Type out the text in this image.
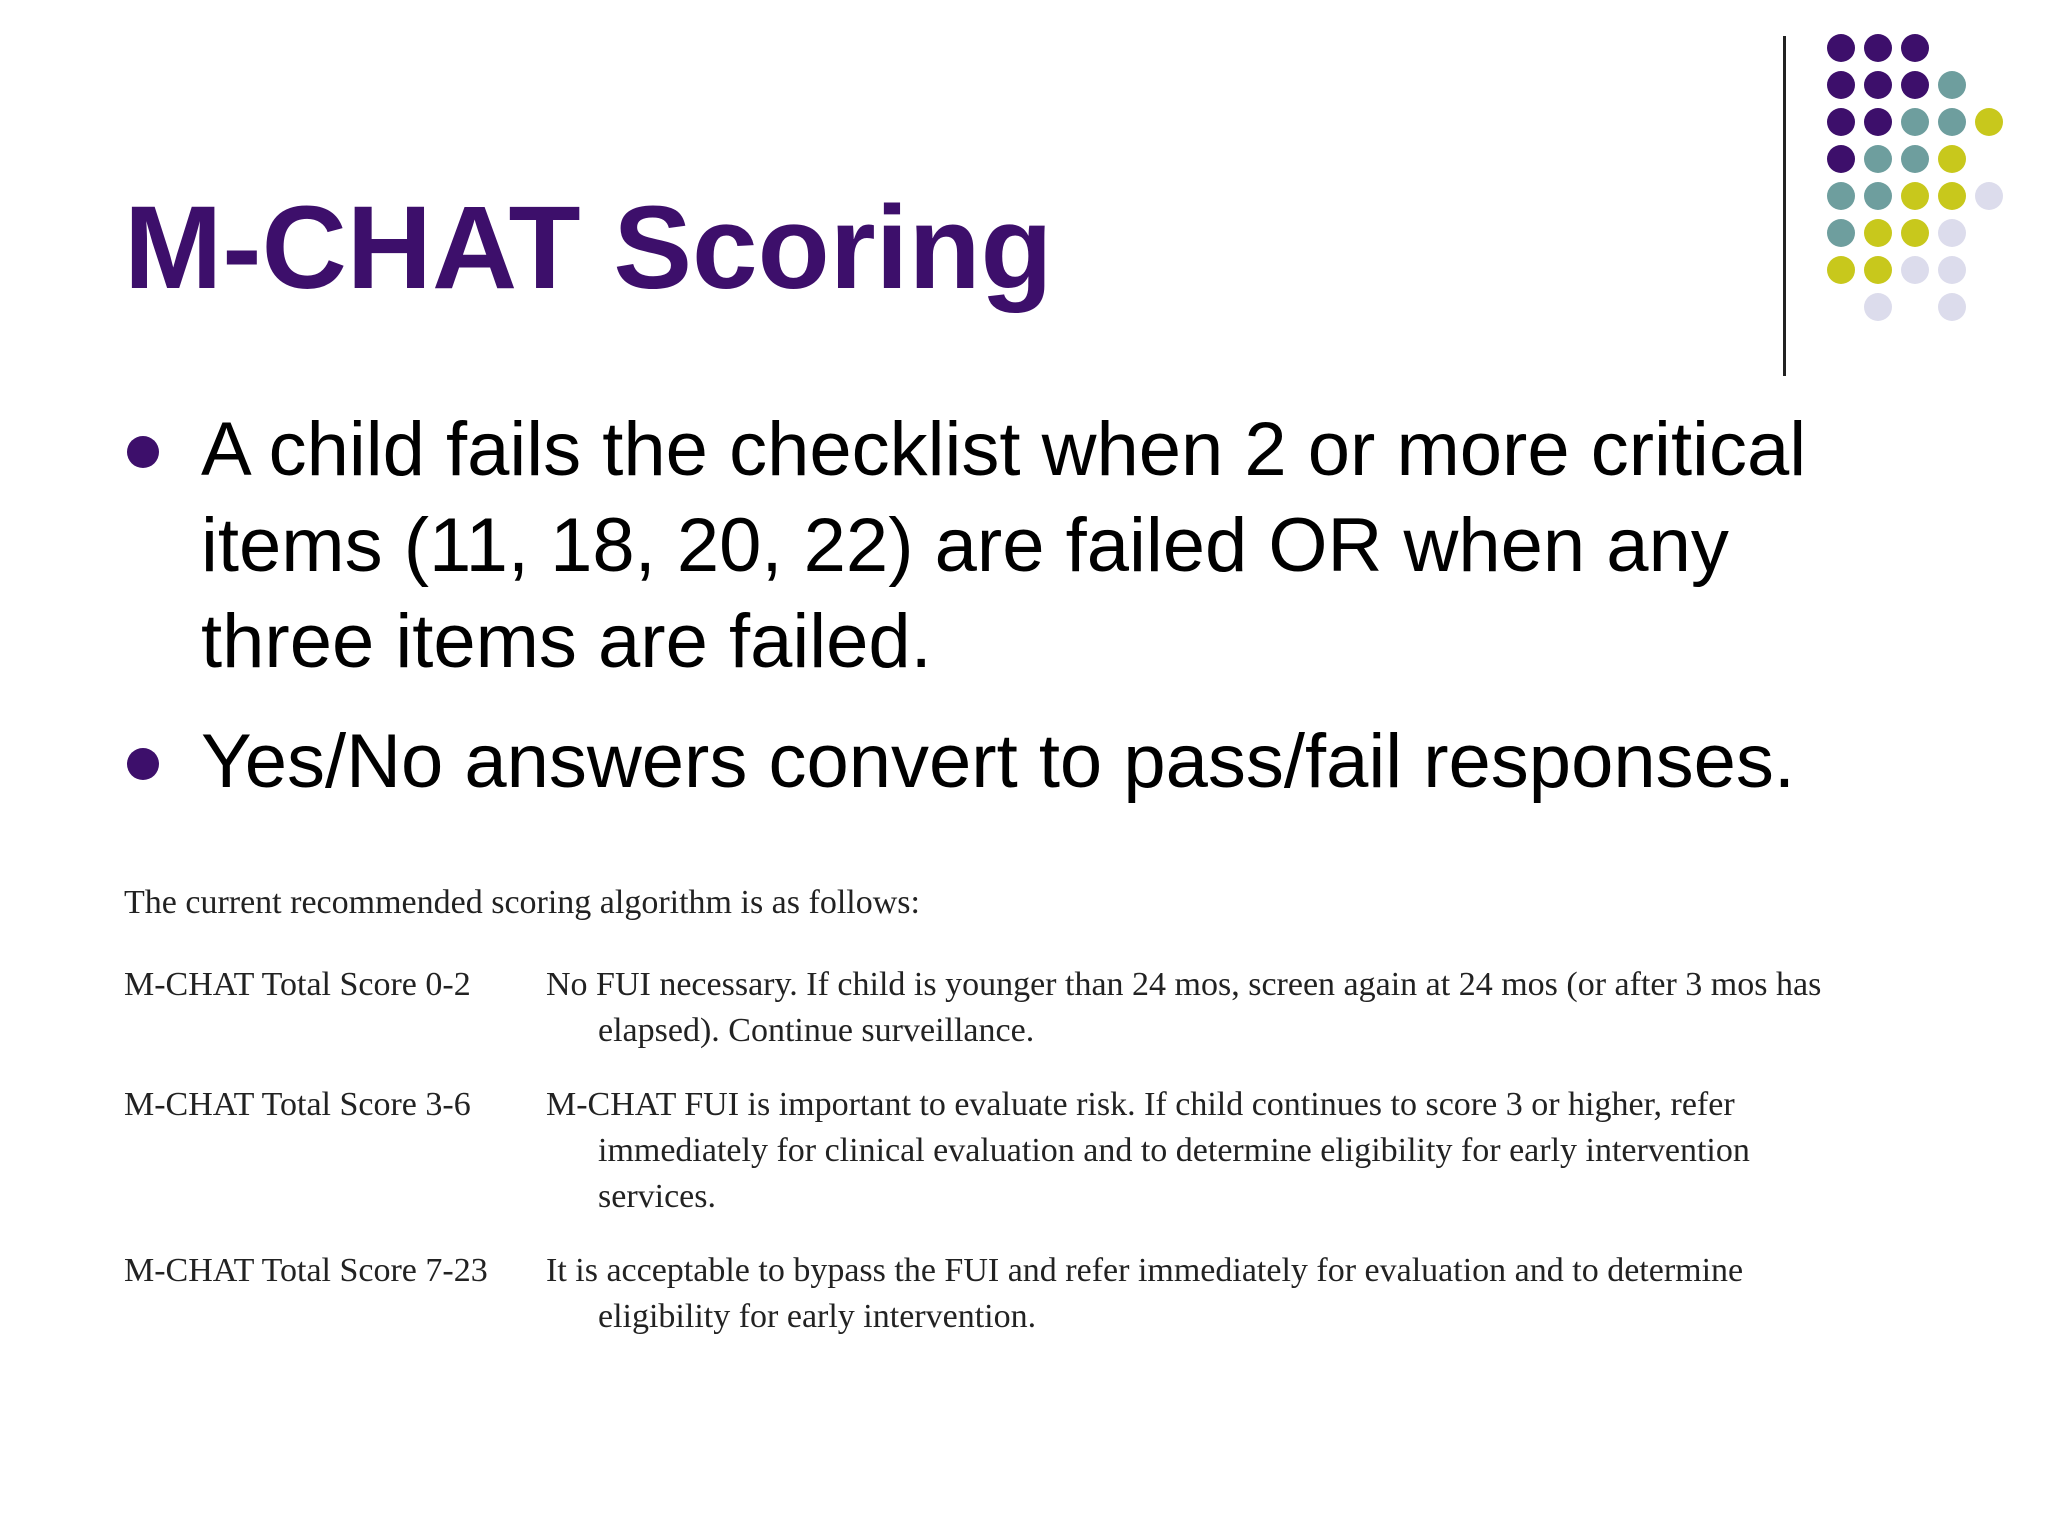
M-CHAT Scoring
A child fails the checklist when 2 or more critical items (11, 18, 20, 22) are failed OR when any three items are failed.
Yes/No answers convert to pass/fail responses.

The current recommended scoring algorithm is as follows:

M-CHAT Total Score 0-2	No FUI necessary. If child is younger than 24 mos, screen again at 24 mos (or after 3 mos has elapsed). Continue surveillance.
M-CHAT Total Score 3-6	M-CHAT FUI is important to evaluate risk. If child continues to score 3 or higher, refer immediately for clinical evaluation and to determine eligibility for early intervention services.
M-CHAT Total Score 7-23	It is acceptable to bypass the FUI and refer immediately for evaluation and to determine eligibility for early intervention.
